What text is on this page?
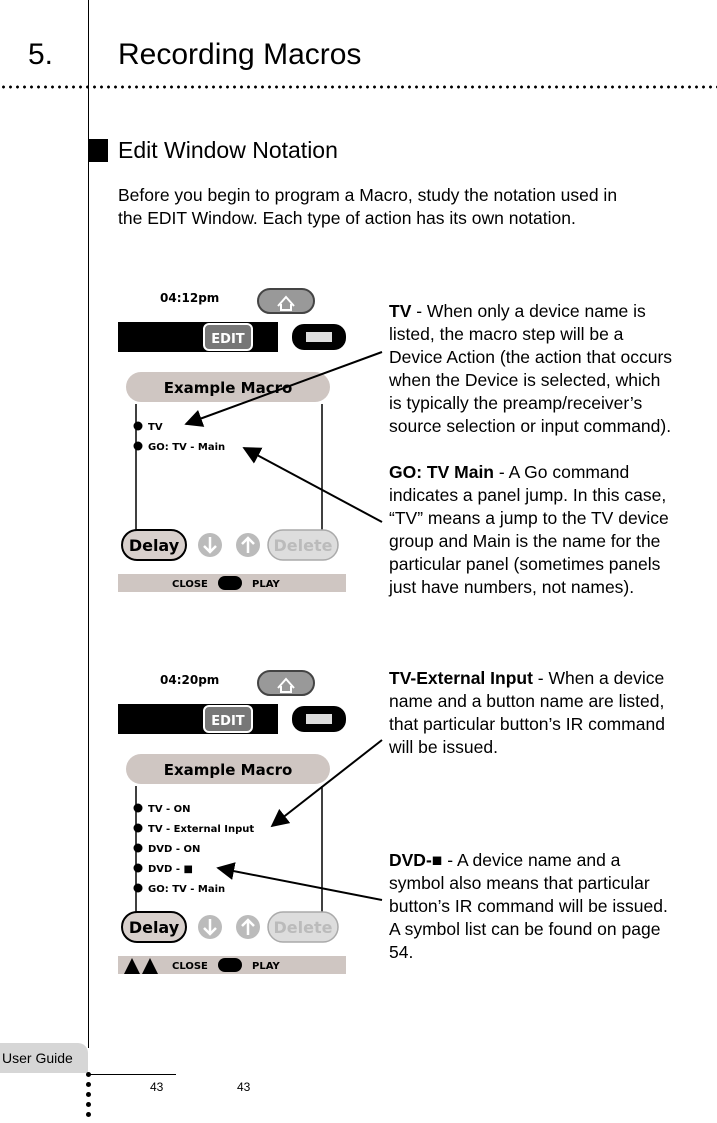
5. Recording Macros
Edit Window Notation
Before you begin to program a Macro, study the notation used in
the EDIT Window. Each type of action has its own notation.
04:12pm
EDIT
Example Macro
TV
GO: TV - Main
Delay	Delete
CLOSE	PLAY
04:20pm
EDIT
Example Macro
TV - ON
TV - External Input
DVD - ON
DVD - ■
GO: TV - Main
Delay	Delete
CLOSE	PLAY
TV - When only a device name is
listed, the macro step will be a
Device Action (the action that occurs
when the Device is selected, which
is typically the preamp/receiver’s
source selection or input command).
GO: TV Main - A Go command
indicates a panel jump. In this case,
“TV” means a jump to the TV device
group and Main is the name for the
particular panel (sometimes panels
just have numbers, not names).
TV-External Input - When a device
name and a button name are listed,
that particular button’s IR command
will be issued.
DVD-■ - A device name and a
symbol also means that particular
button’s IR command will be issued.
A symbol list can be found on page
54.
User Guide
43	43
